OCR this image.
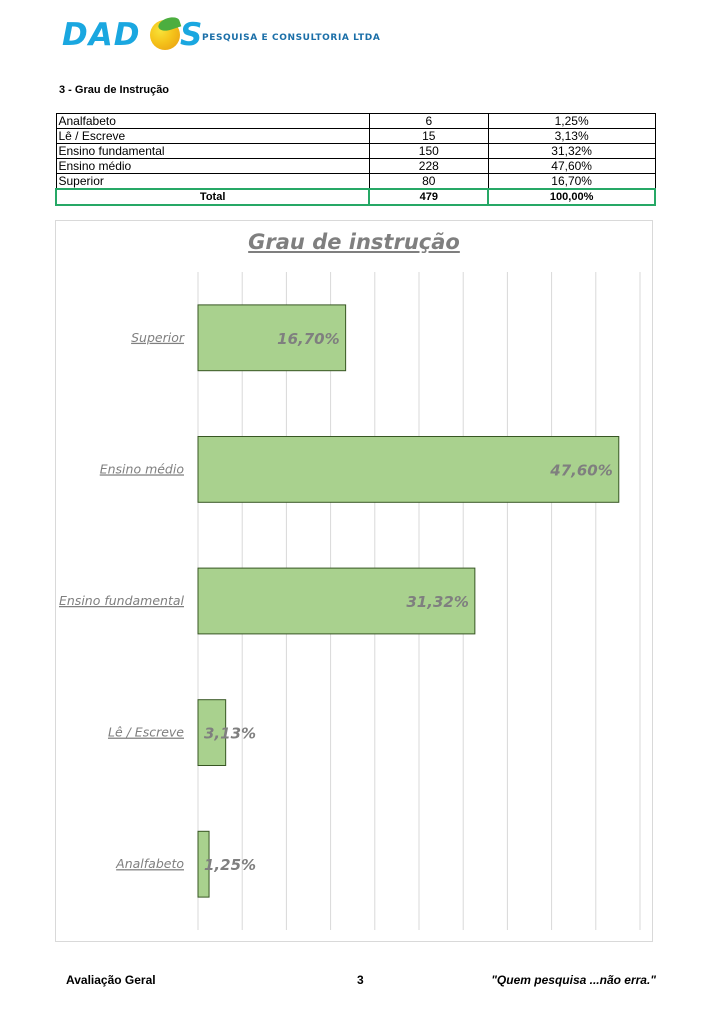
DAD S PESQUISA E CONSULTORIA LTDA
3 - Grau de Instrução
Analfabeto	6	1,25%
Lê / Escreve	15	3,13%
Ensino fundamental	150	31,32%
Ensino médio	228	47,60%
Superior	80	16,70%
Total	479	100,00%
Grau de instrução
Superior	16,70%
Ensino médio	47,60%
Ensino fundamental	31,32%
Lê / Escreve 3,13%
Analfabeto 1,25%
Avaliação Geral	3	"Quem pesquisa ...não erra."
